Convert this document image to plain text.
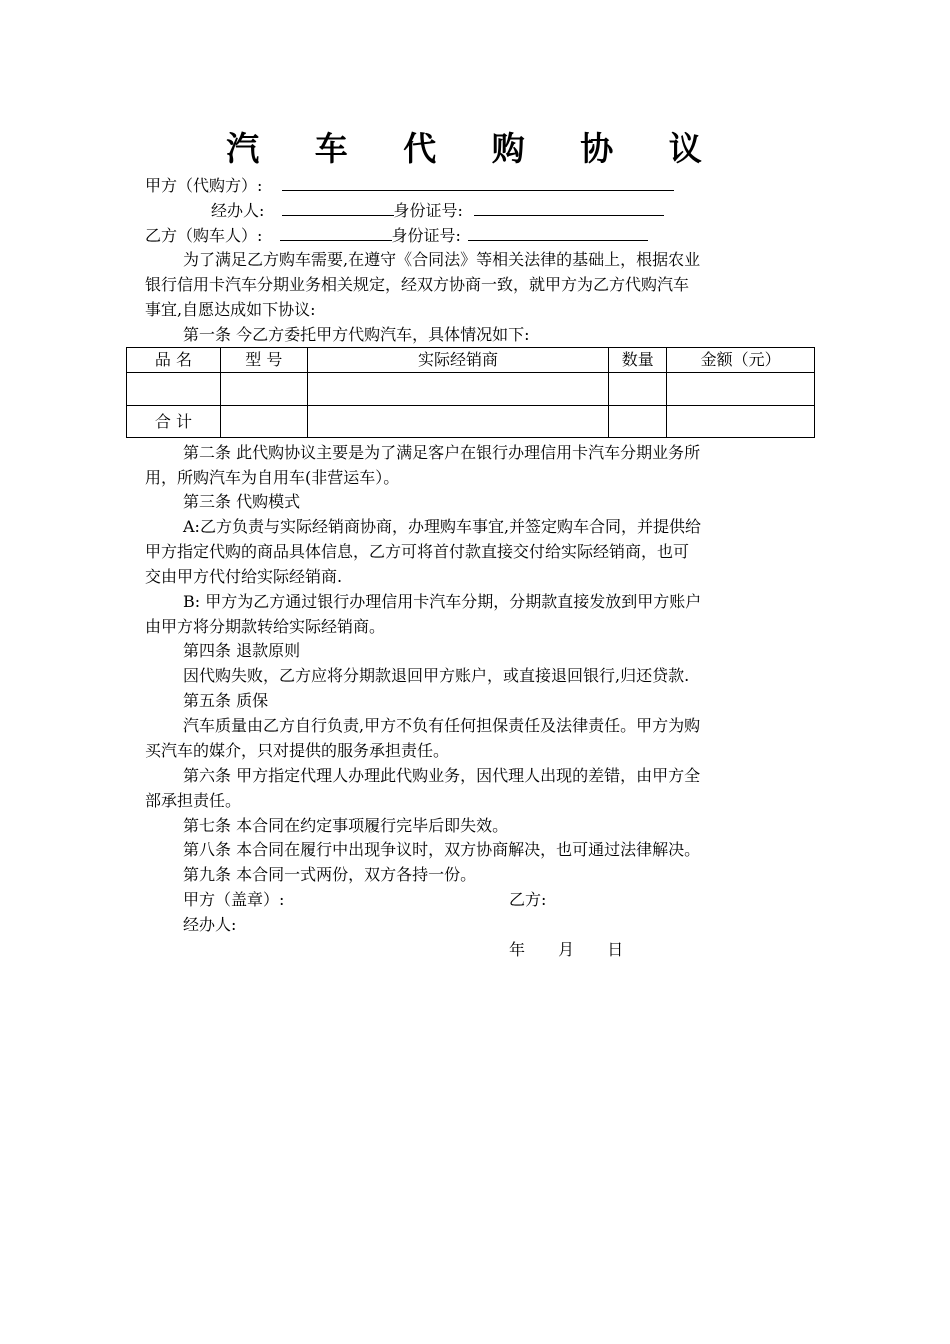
汽 车 代 购 协 议
甲方（代购方）:
经办人:	身份证号:
乙方（购车人）:	身份证号:
为了满足乙方购车需要,在遵守《合同法》等相关法律的基础上，根据农业
银行信用卡汽车分期业务相关规定，经双方协商一致，就甲方为乙方代购汽车
事宜,自愿达成如下协议:
第一条 今乙方委托甲方代购汽车，具体情况如下:
品 名	型 号	实际经销商	数量	金额（元）

合 计				
第二条 此代购协议主要是为了满足客户在银行办理信用卡汽车分期业务所
用，所购汽车为自用车(非营运车）。
第三条 代购模式
A:乙方负责与实际经销商协商，办理购车事宜,并签定购车合同，并提供给
甲方指定代购的商品具体信息，乙方可将首付款直接交付给实际经销商，也可
交由甲方代付给实际经销商.
B: 甲方为乙方通过银行办理信用卡汽车分期，分期款直接发放到甲方账户
由甲方将分期款转给实际经销商。
第四条 退款原则
因代购失败，乙方应将分期款退回甲方账户，或直接退回银行,归还贷款.
第五条 质保
汽车质量由乙方自行负责,甲方不负有任何担保责任及法律责任。甲方为购
买汽车的媒介，只对提供的服务承担责任。
第六条 甲方指定代理人办理此代购业务，因代理人出现的差错，由甲方全
部承担责任。
第七条 本合同在约定事项履行完毕后即失效。
第八条 本合同在履行中出现争议时，双方协商解决，也可通过法律解决。
第九条 本合同一式两份，双方各持一份。
甲方（盖章）:	乙方:
经办人:
年 月 日
